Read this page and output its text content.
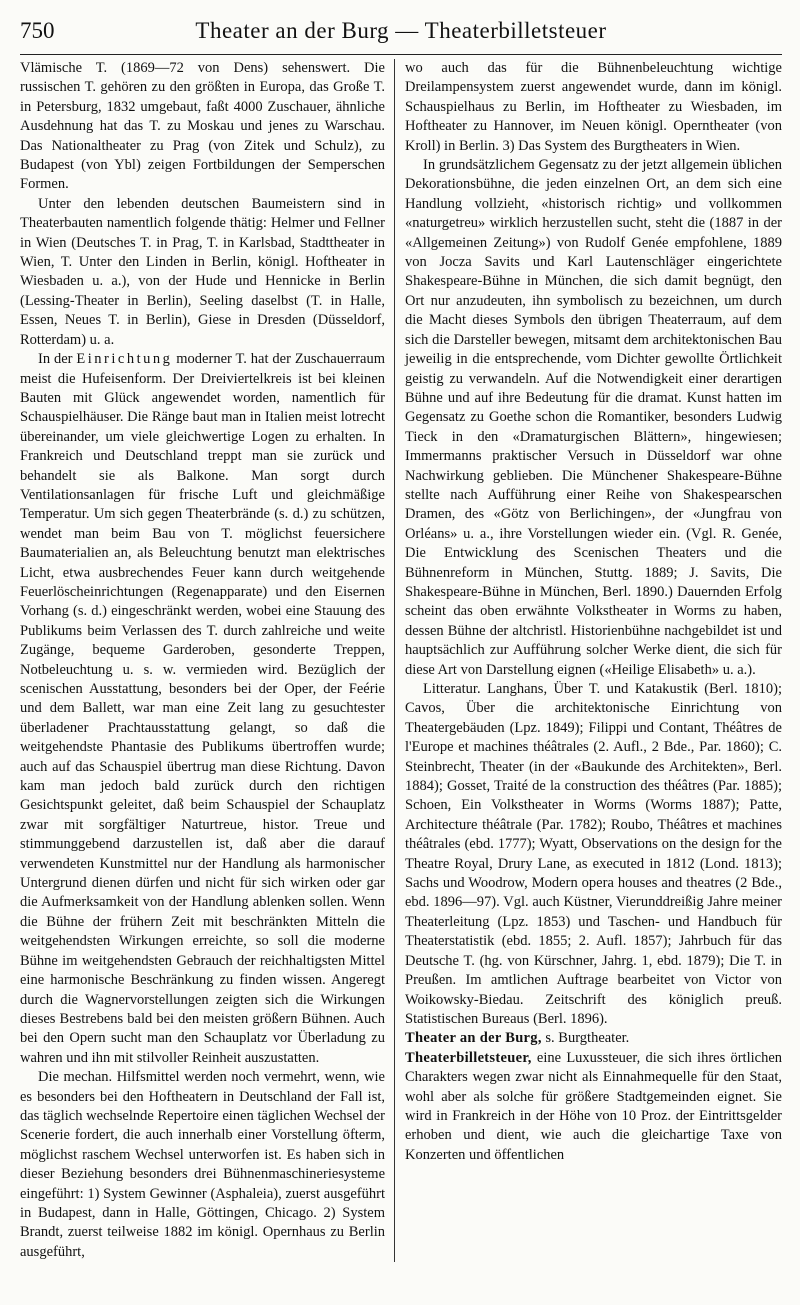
750	Theater an der Burg — Theaterbilletsteuer

Vlämische T. (1869—72 von Dens) sehenswert. Die russischen T. gehören zu den größten in Europa, das Große T. in Petersburg, 1832 umgebaut, faßt 4000 Zuschauer, ähnliche Ausdehnung hat das T. zu Moskau und jenes zu Warschau. Das Nationaltheater zu Prag (von Zitek und Schulz), zu Budapest (von Ybl) zeigen Fortbildungen der Semperschen Formen.

Unter den lebenden deutschen Baumeistern sind in Theaterbauten namentlich folgende thätig: Helmer und Fellner in Wien (Deutsches T. in Prag, T. in Karlsbad, Stadttheater in Wien, T. Unter den Linden in Berlin, königl. Hoftheater in Wiesbaden u. a.), von der Hude und Hennicke in Berlin (Lessing-Theater in Berlin), Seeling daselbst (T. in Halle, Essen, Neues T. in Berlin), Giese in Dresden (Düsseldorf, Rotterdam) u. a.

In der Einrichtung moderner T. hat der Zuschauerraum meist die Hufeisenform. Der Dreiviertelkreis ist bei kleinen Bauten mit Glück angewendet worden, namentlich für Schauspielhäuser. Die Ränge baut man in Italien meist lotrecht übereinander, um viele gleichwertige Logen zu erhalten. In Frankreich und Deutschland treppt man sie zurück und behandelt sie als Balkone. Man sorgt durch Ventilationsanlagen für frische Luft und gleichmäßige Temperatur. Um sich gegen Theaterbrände (s. d.) zu schützen, wendet man beim Bau von T. möglichst feuersichere Baumaterialien an, als Beleuchtung benutzt man elektrisches Licht, etwa ausbrechendes Feuer kann durch weitgehende Feuerlöscheinrichtungen (Regenapparate) und den Eisernen Vorhang (s. d.) eingeschränkt werden, wobei eine Stauung des Publikums beim Verlassen des T. durch zahlreiche und weite Zugänge, bequeme Garderoben, gesonderte Treppen, Notbeleuchtung u. s. w. vermieden wird. Bezüglich der scenischen Ausstattung, besonders bei der Oper, der Feérie und dem Ballett, war man eine Zeit lang zu gesuchtester überladener Prachtausstattung gelangt, so daß die weitgehendste Phantasie des Publikums übertroffen wurde; auch auf das Schauspiel übertrug man diese Richtung. Davon kam man jedoch bald zurück durch den richtigen Gesichtspunkt geleitet, daß beim Schauspiel der Schauplatz zwar mit sorgfältiger Naturtreue, histor. Treue und stimmunggebend darzustellen ist, daß aber die darauf verwendeten Kunstmittel nur der Handlung als harmonischer Untergrund dienen dürfen und nicht für sich wirken oder gar die Aufmerksamkeit von der Handlung ablenken sollen. Wenn die Bühne der frühern Zeit mit beschränkten Mitteln die weitgehendsten Wirkungen erreichte, so soll die moderne Bühne im weitgehendsten Gebrauch der reichhaltigsten Mittel eine harmonische Beschränkung zu finden wissen. Angeregt durch die Wagnervorstellungen zeigten sich die Wirkungen dieses Bestrebens bald bei den meisten größern Bühnen. Auch bei den Opern sucht man den Schauplatz vor Überladung zu wahren und ihn mit stilvoller Reinheit auszustatten.

Die mechan. Hilfsmittel werden noch vermehrt, wenn, wie es besonders bei den Hoftheatern in Deutschland der Fall ist, das täglich wechselnde Repertoire einen täglichen Wechsel der Scenerie fordert, die auch innerhalb einer Vorstellung öfterm, möglichst raschem Wechsel unterworfen ist. Es haben sich in dieser Beziehung besonders drei Bühnenmaschineriesysteme eingeführt: 1) System Gewinner (Asphaleia), zuerst ausgeführt in Budapest, dann in Halle, Göttingen, Chicago. 2) System Brandt, zuerst teilweise 1882 im königl. Opernhaus zu Berlin ausgeführt,

wo auch das für die Bühnenbeleuchtung wichtige Dreilampensystem zuerst angewendet wurde, dann im königl. Schauspielhaus zu Berlin, im Hoftheater zu Wiesbaden, im Hoftheater zu Hannover, im Neuen königl. Operntheater (von Kroll) in Berlin. 3) Das System des Burgtheaters in Wien.

In grundsätzlichem Gegensatz zu der jetzt allgemein üblichen Dekorationsbühne, die jeden einzelnen Ort, an dem sich eine Handlung vollzieht, «historisch richtig» und vollkommen «naturgetreu» wirklich herzustellen sucht, steht die (1887 in der «Allgemeinen Zeitung») von Rudolf Genée empfohlene, 1889 von Jocza Savits und Karl Lautenschläger eingerichtete Shakespeare-Bühne in München, die sich damit begnügt, den Ort nur anzudeuten, ihn symbolisch zu bezeichnen, um durch die Macht dieses Symbols den übrigen Theaterraum, auf dem sich die Darsteller bewegen, mitsamt dem architektonischen Bau jeweilig in die entsprechende, vom Dichter gewollte Örtlichkeit geistig zu verwandeln. Auf die Notwendigkeit einer derartigen Bühne und auf ihre Bedeutung für die dramat. Kunst hatten im Gegensatz zu Goethe schon die Romantiker, besonders Ludwig Tieck in den «Dramaturgischen Blättern», hingewiesen; Immermanns praktischer Versuch in Düsseldorf war ohne Nachwirkung geblieben. Die Münchener Shakespeare-Bühne stellte nach Aufführung einer Reihe von Shakespearschen Dramen, des «Götz von Berlichingen», der «Jungfrau von Orléans» u. a., ihre Vorstellungen wieder ein. (Vgl. R. Genée, Die Entwicklung des Scenischen Theaters und die Bühnenreform in München, Stuttg. 1889; J. Savits, Die Shakespeare-Bühne in München, Berl. 1890.) Dauernden Erfolg scheint das oben erwähnte Volkstheater in Worms zu haben, dessen Bühne der altchristl. Historienbühne nachgebildet ist und hauptsächlich zur Aufführung solcher Werke dient, die sich für diese Art von Darstellung eignen («Heilige Elisabeth» u. a.).

Litteratur. Langhans, Über T. und Katakustik (Berl. 1810); Cavos, Über die architektonische Einrichtung von Theatergebäuden (Lpz. 1849); Filippi und Contant, Théâtres de l'Europe et machines théâtrales (2. Aufl., 2 Bde., Par. 1860); C. Steinbrecht, Theater (in der «Baukunde des Architekten», Berl. 1884); Gosset, Traité de la construction des théâtres (Par. 1885); Schoen, Ein Volkstheater in Worms (Worms 1887); Patte, Architecture théâtrale (Par. 1782); Roubo, Théâtres et machines théâtrales (ebd. 1777); Wyatt, Observations on the design for the Theatre Royal, Drury Lane, as executed in 1812 (Lond. 1813); Sachs und Woodrow, Modern opera houses and theatres (2 Bde., ebd. 1896—97). Vgl. auch Küstner, Vierunddreißig Jahre meiner Theaterleitung (Lpz. 1853) und Taschen- und Handbuch für Theaterstatistik (ebd. 1855; 2. Aufl. 1857); Jahrbuch für das Deutsche T. (hg. von Kürschner, Jahrg. 1, ebd. 1879); Die T. in Preußen. Im amtlichen Auftrage bearbeitet von Victor von Woikowsky-Biedau. Zeitschrift des königlich preuß. Statistischen Bureaus (Berl. 1896).

Theater an der Burg, s. Burgtheater.

Theaterbilletsteuer, eine Luxussteuer, die sich ihres örtlichen Charakters wegen zwar nicht als Einnahmequelle für den Staat, wohl aber als solche für größere Stadtgemeinden eignet. Sie wird in Frankreich in der Höhe von 10 Proz. der Eintrittsgelder erhoben und dient, wie auch die gleichartige Taxe von Konzerten und öffentlichen
